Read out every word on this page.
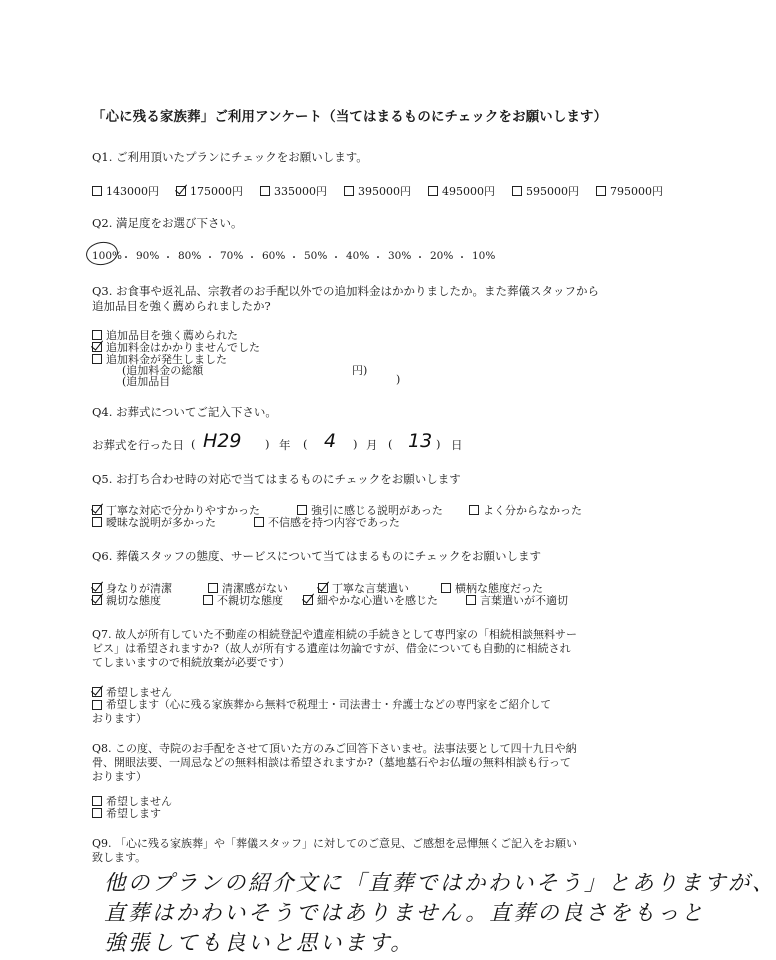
「心に残る家族葬」ご利用アンケート（当てはまるものにチェックをお願いします）
Q1. ご利用頂いたプランにチェックをお願いします。
143000円	175000円	335000円	395000円	495000円	595000円	795000円
Q2. 満足度をお選び下さい。
100%
・ 90% ・ 80% ・ 70% ・ 60% ・ 50% ・ 40% ・ 30% ・ 20% ・ 10%
Q3. お食事や返礼品、宗教者のお手配以外での追加料金はかかりましたか。また葬儀スタッフから
追加品目を強く薦められましたか?
追加品目を強く薦められた
追加料金はかかりませんでした
追加料金が発生しました
(追加料金の総額	円)
(追加品目	)
Q4. お葬式についてご記入下さい。
お葬式を行った日 ( H29 ) 年 ( 4 ) 月 ( 13 ) 日
Q5. お打ち合わせ時の対応で当てはまるものにチェックをお願いします
丁寧な対応で分かりやすかった	強引に感じる説明があった	よく分からなかった
曖昧な説明が多かった	不信感を持つ内容であった
Q6. 葬儀スタッフの態度、サービスについて当てはまるものにチェックをお願いします
身なりが清潔	清潔感がない	丁寧な言葉遣い	横柄な態度だった
親切な態度	不親切な態度	細やかな心遣いを感じた	言葉遣いが不適切
Q7. 故人が所有していた不動産の相続登記や遺産相続の手続きとして専門家の「相続相談無料サー
ビス」は希望されますか?（故人が所有する遺産は勿論ですが、借金についても自動的に相続され
てしまいますので相続放棄が必要です）
希望しません
希望します（心に残る家族葬から無料で税理士・司法書士・弁護士などの専門家をご紹介して
おります）
Q8. この度、寺院のお手配をさせて頂いた方のみご回答下さいませ。法事法要として四十九日や納
骨、開眼法要、一周忌などの無料相談は希望されますか?（墓地墓石やお仏壇の無料相談も行って
おります）
希望しません
希望します
Q9. 「心に残る家族葬」や「葬儀スタッフ」に対してのご意見、ご感想を忌憚無くご記入をお願い
致します。
他のプランの紹介文に「直葬ではかわいそう」とありますが、
直葬はかわいそうではありません。直葬の良さをもっと
強張しても良いと思います。
